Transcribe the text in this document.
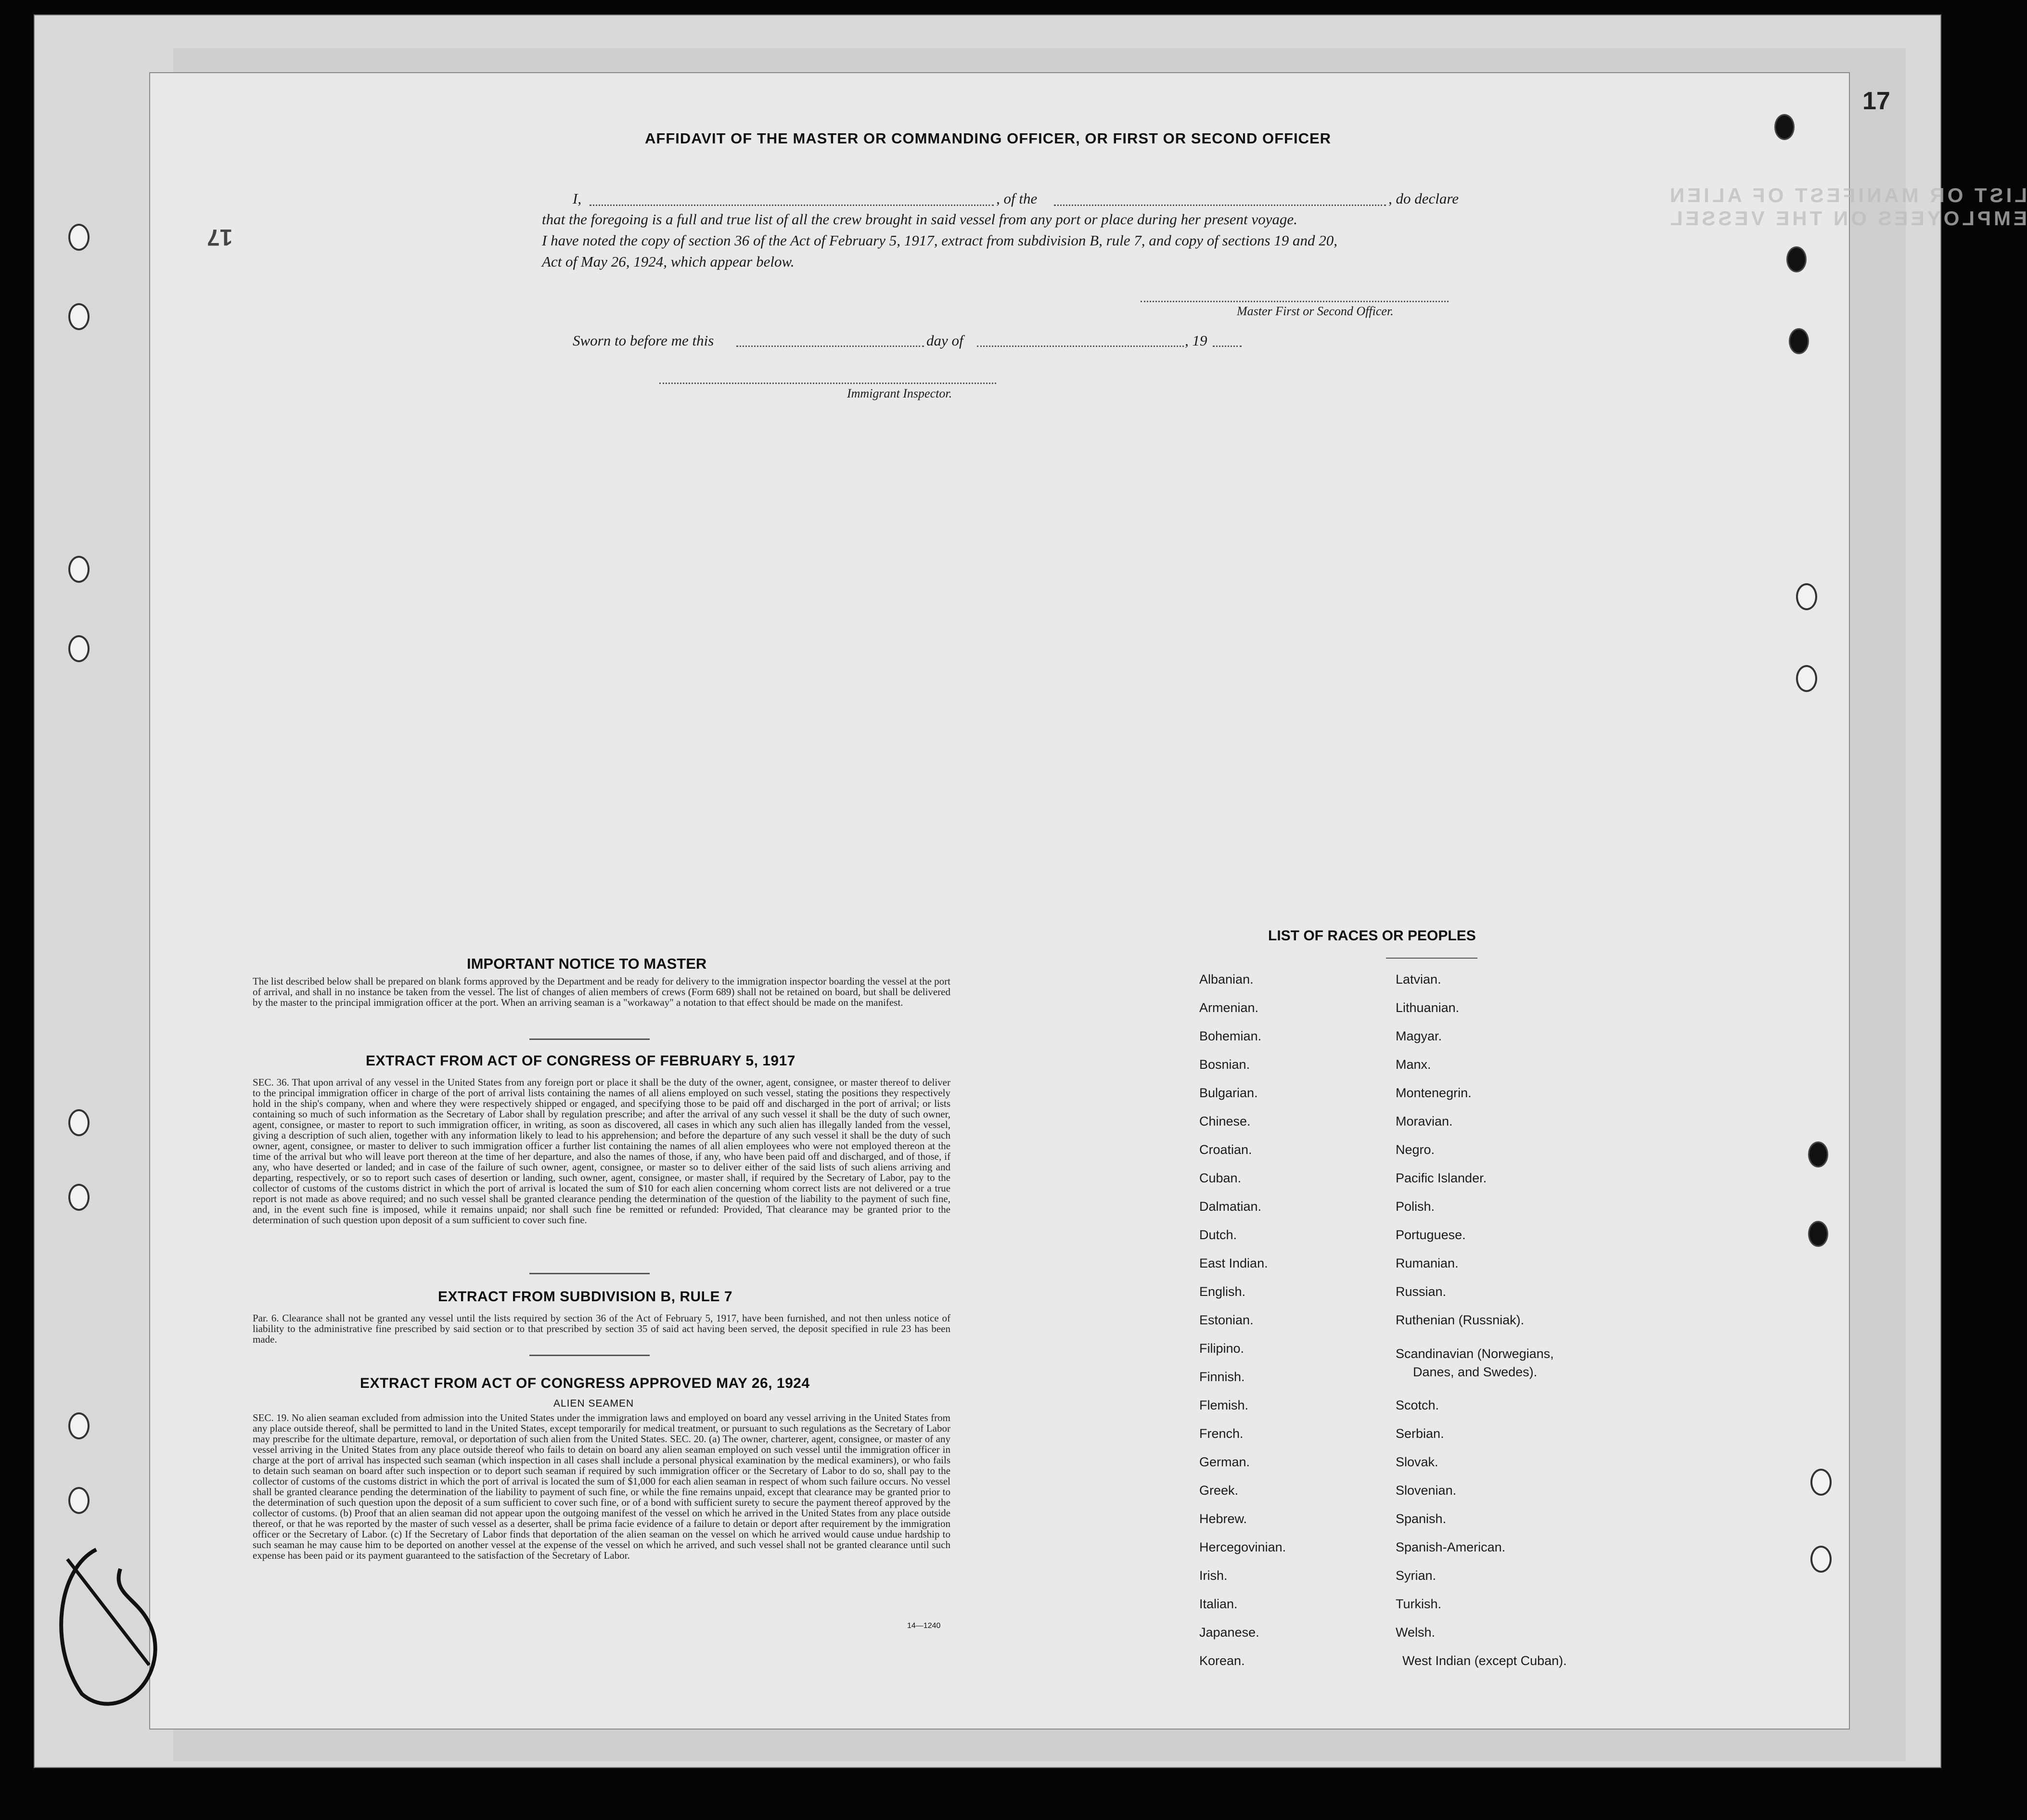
LIST OR MANIFEST OF ALIEN EMPLOYEES ON THE VESSEL
17
17
AFFIDAVIT OF THE MASTER OR COMMANDING OFFICER, OR FIRST OR SECOND OFFICER
I,	, of the	, do declare
that the foregoing is a full and true list of all the crew brought in said vessel from any port or place during her present voyage.
I have noted the copy of section 36 of the Act of February 5, 1917, extract from subdivision B, rule 7, and copy of sections 19 and 20,
Act of May 26, 1924, which appear below.
Master First or Second Officer.
Sworn to before me this	day of	, 19
Immigrant Inspector.
IMPORTANT NOTICE TO MASTER
The list described below shall be prepared on blank forms approved by the Department and be ready for delivery to the immigration inspector boarding the vessel at the port of arrival, and shall in no instance be taken from the vessel. The list of changes of alien members of crews (Form 689) shall not be retained on board, but shall be delivered by the master to the principal immigration officer at the port. When an arriving seaman is a "workaway" a notation to that effect should be made on the manifest.
EXTRACT FROM ACT OF CONGRESS OF FEBRUARY 5, 1917
SEC. 36. That upon arrival of any vessel in the United States from any foreign port or place it shall be the duty of the owner, agent, consignee, or master thereof to deliver to the principal immigration officer in charge of the port of arrival lists containing the names of all aliens employed on such vessel, stating the positions they respectively hold in the ship's company, when and where they were respectively shipped or engaged, and specifying those to be paid off and discharged in the port of arrival; or lists containing so much of such information as the Secretary of Labor shall by regulation prescribe; and after the arrival of any such vessel it shall be the duty of such owner, agent, consignee, or master to report to such immigration officer, in writing, as soon as discovered, all cases in which any such alien has illegally landed from the vessel, giving a description of such alien, together with any information likely to lead to his apprehension; and before the departure of any such vessel it shall be the duty of such owner, agent, consignee, or master to deliver to such immigration officer a further list containing the names of all alien employees who were not employed thereon at the time of the arrival but who will leave port thereon at the time of her departure, and also the names of those, if any, who have been paid off and discharged, and of those, if any, who have deserted or landed; and in case of the failure of such owner, agent, consignee, or master so to deliver either of the said lists of such aliens arriving and departing, respectively, or so to report such cases of desertion or landing, such owner, agent, consignee, or master shall, if required by the Secretary of Labor, pay to the collector of customs of the customs district in which the port of arrival is located the sum of $10 for each alien concerning whom correct lists are not delivered or a true report is not made as above required; and no such vessel shall be granted clearance pending the determination of the question of the liability to the payment of such fine, and, in the event such fine is imposed, while it remains unpaid; nor shall such fine be remitted or refunded: Provided, That clearance may be granted prior to the determination of such question upon deposit of a sum sufficient to cover such fine.
EXTRACT FROM SUBDIVISION B, RULE 7
Par. 6. Clearance shall not be granted any vessel until the lists required by section 36 of the Act of February 5, 1917, have been furnished, and not then unless notice of liability to the administrative fine prescribed by said section or to that prescribed by section 35 of said act having been served, the deposit specified in rule 23 has been made.
EXTRACT FROM ACT OF CONGRESS APPROVED MAY 26, 1924
ALIEN SEAMEN
SEC. 19. No alien seaman excluded from admission into the United States under the immigration laws and employed on board any vessel arriving in the United States from any place outside thereof, shall be permitted to land in the United States, except temporarily for medical treatment, or pursuant to such regulations as the Secretary of Labor may prescribe for the ultimate departure, removal, or deportation of such alien from the United States. SEC. 20. (a) The owner, charterer, agent, consignee, or master of any vessel arriving in the United States from any place outside thereof who fails to detain on board any alien seaman employed on such vessel until the immigration officer in charge at the port of arrival has inspected such seaman (which inspection in all cases shall include a personal physical examination by the medical examiners), or who fails to detain such seaman on board after such inspection or to deport such seaman if required by such immigration officer or the Secretary of Labor to do so, shall pay to the collector of customs of the customs district in which the port of arrival is located the sum of $1,000 for each alien seaman in respect of whom such failure occurs. No vessel shall be granted clearance pending the determination of the liability to payment of such fine, or while the fine remains unpaid, except that clearance may be granted prior to the determination of such question upon the deposit of a sum sufficient to cover such fine, or of a bond with sufficient surety to secure the payment thereof approved by the collector of customs. (b) Proof that an alien seaman did not appear upon the outgoing manifest of the vessel on which he arrived in the United States from any place outside thereof, or that he was reported by the master of such vessel as a deserter, shall be prima facie evidence of a failure to detain or deport after requirement by the immigration officer or the Secretary of Labor. (c) If the Secretary of Labor finds that deportation of the alien seaman on the vessel on which he arrived would cause undue hardship to such seaman he may cause him to be deported on another vessel at the expense of the vessel on which he arrived, and such vessel shall not be granted clearance until such expense has been paid or its payment guaranteed to the satisfaction of the Secretary of Labor.
14—1240
LIST OF RACES OR PEOPLES
Albanian.
Armenian.
Bohemian.
Bosnian.
Bulgarian.
Chinese.
Croatian.
Cuban.
Dalmatian.
Dutch.
East Indian.
English.
Estonian.
Filipino.
Finnish.
Flemish.
French.
German.
Greek.
Hebrew.
Hercegovinian.
Irish.
Italian.
Japanese.
Korean.
Latvian.
Lithuanian.
Magyar.
Manx.
Montenegrin.
Moravian.
Negro.
Pacific Islander.
Polish.
Portuguese.
Rumanian.
Russian.
Ruthenian (Russniak).
Scandinavian (Norwegians,
Danes, and Swedes).
Scotch.
Serbian.
Slovak.
Slovenian.
Spanish.
Spanish-American.
Syrian.
Turkish.
Welsh.
West Indian (except Cuban).
